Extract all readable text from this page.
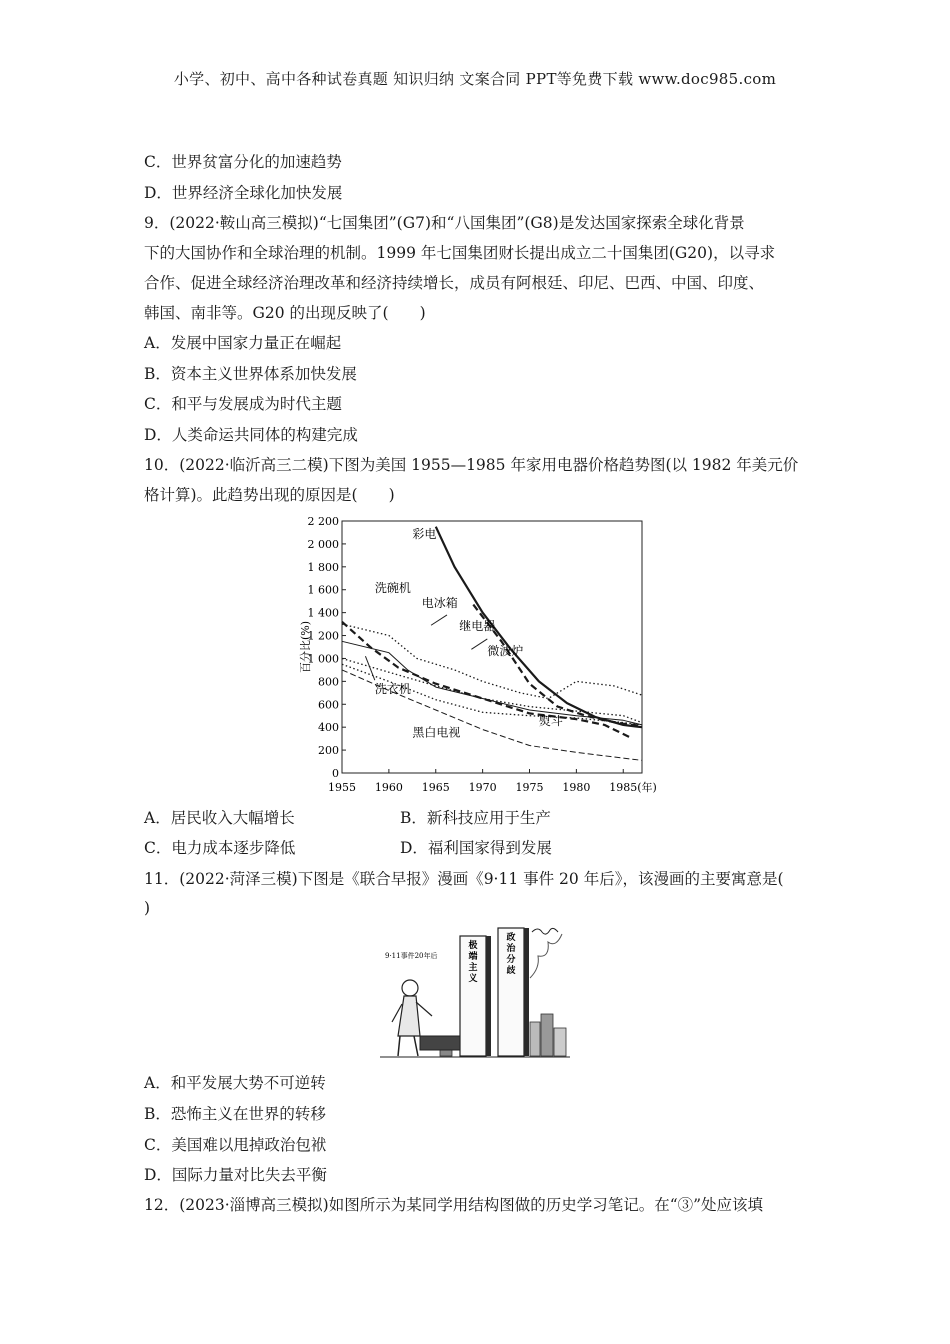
小学、初中、高中各种试卷真题 知识归纳 文案合同 PPT等免费下载 www.doc985.com
C．世界贫富分化的加速趋势
D．世界经济全球化加快发展
9．(2022·鞍山高三模拟)“七国集团”(G7)和“八国集团”(G8)是发达国家探索全球化背景
下的大国协作和全球治理的机制。1999 年七国集团财长提出成立二十国集团(G20)，以寻求
合作、促进全球经济治理改革和经济持续增长，成员有阿根廷、印尼、巴西、中国、印度、
韩国、南非等。G20 的出现反映了(　　)
A．发展中国家力量正在崛起
B．资本主义世界体系加快发展
C．和平与发展成为时代主题
D．人类命运共同体的构建完成
10．(2022·临沂高三二模)下图为美国 1955—1985 年家用电器价格趋势图(以 1982 年美元价
格计算)。此趋势出现的原因是(　　)
0
200
400
600
800
1 000
1 200
1 400
1 600
1 800
2 000
2 200
1955 1960 1965 1970 1975 1980 1985(年)
百分比(%)
彩电
洗碗机
电冰箱
继电器
微波炉
洗衣机
熨斗
黑白电视
A．居民收入大幅增长	B．新科技应用于生产
C．电力成本逐步降低	D．福利国家得到发展
11．(2022·菏泽三模)下图是《联合早报》漫画《9·11 事件 20 年后》，该漫画的主要寓意是(
)
9·11事件20年后
极端主义
政治分歧
A．和平发展大势不可逆转
B．恐怖主义在世界的转移
C．美国难以甩掉政治包袱
D．国际力量对比失去平衡
12．(2023·淄博高三模拟)如图所示为某同学用结构图做的历史学习笔记。在“③”处应该填
